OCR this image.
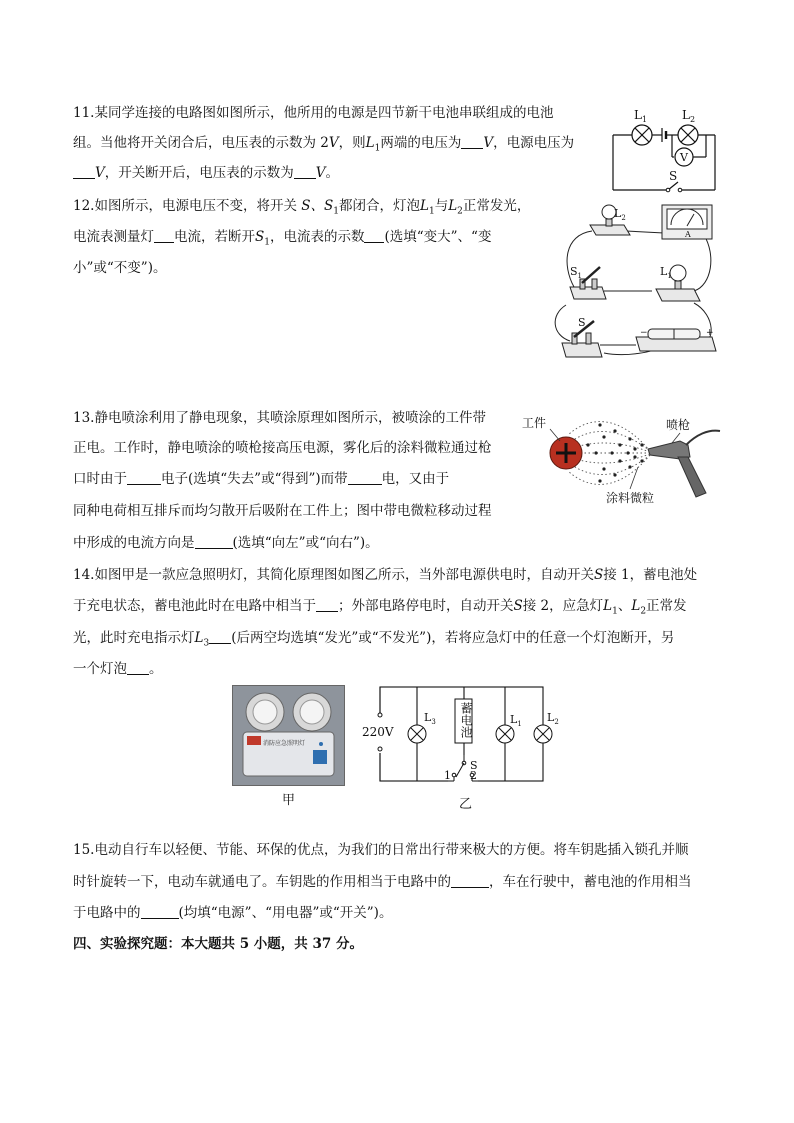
11.某同学连接的电路图如图所示，他所用的电源是四节新干电池串联组成的电池
组。当他将开关闭合后，电压表的示数为 2V，则$L_1$两端的电压为 V，电源电压为
V，开关断开后，电压表的示数为 V。
$L_1$	$L_2$
V
S
12.如图所示，电源电压不变，将开关 S、$S_1$都闭合，灯泡$L_1$与$L_2$正常发光，
电流表测量灯 电流，若断开$S_1$，电流表的示数 (选填“变大”、“变
小”或“不变”)。
A
−	+
$L_2$
$S_1$	$L_1$
S
13.静电喷涂利用了静电现象，其喷涂原理如图所示，被喷涂的工件带
正电。工作时，静电喷涂的喷枪接高压电源，雾化后的涂料微粒通过枪
口时由于	电子(选填“失去”或“得到”)而带	电，又由于
同种电荷相互排斥而均匀散开后吸附在工件上；图中带电微粒移动过程
中形成的电流方向是	(选填“向左”或“向右”)。
工件	喷枪
涂料微粒
14.如图甲是一款应急照明灯，其简化原理图如图乙所示，当外部电源供电时，自动开关S接 1，蓄电池处
于充电状态，蓄电池此时在电路中相当于 ；外部电路停电时，自动开关S接 2，应急灯$L_1$、$L_2$正常发
光，此时充电指示灯$L_3$ (后两空均选填“发光”或“不发光”)，若将应急灯中的任意一个灯泡断开，另
一个灯泡 。
消防应急照明灯
甲
220V
$L_3$	$L_1$ $L_2$
S
1 2
蓄电池
乙
15.电动自行车以轻便、节能、环保的优点，为我们的日常出行带来极大的方便。将车钥匙插入锁孔并顺
时针旋转一下，电动车就通电了。车钥匙的作用相当于电路中的	，车在行驶中，蓄电池的作用相当
于电路中的	(均填“电源”、“用电器”或“开关”)。
四、实验探究题：本大题共 5 小题，共 37 分。
